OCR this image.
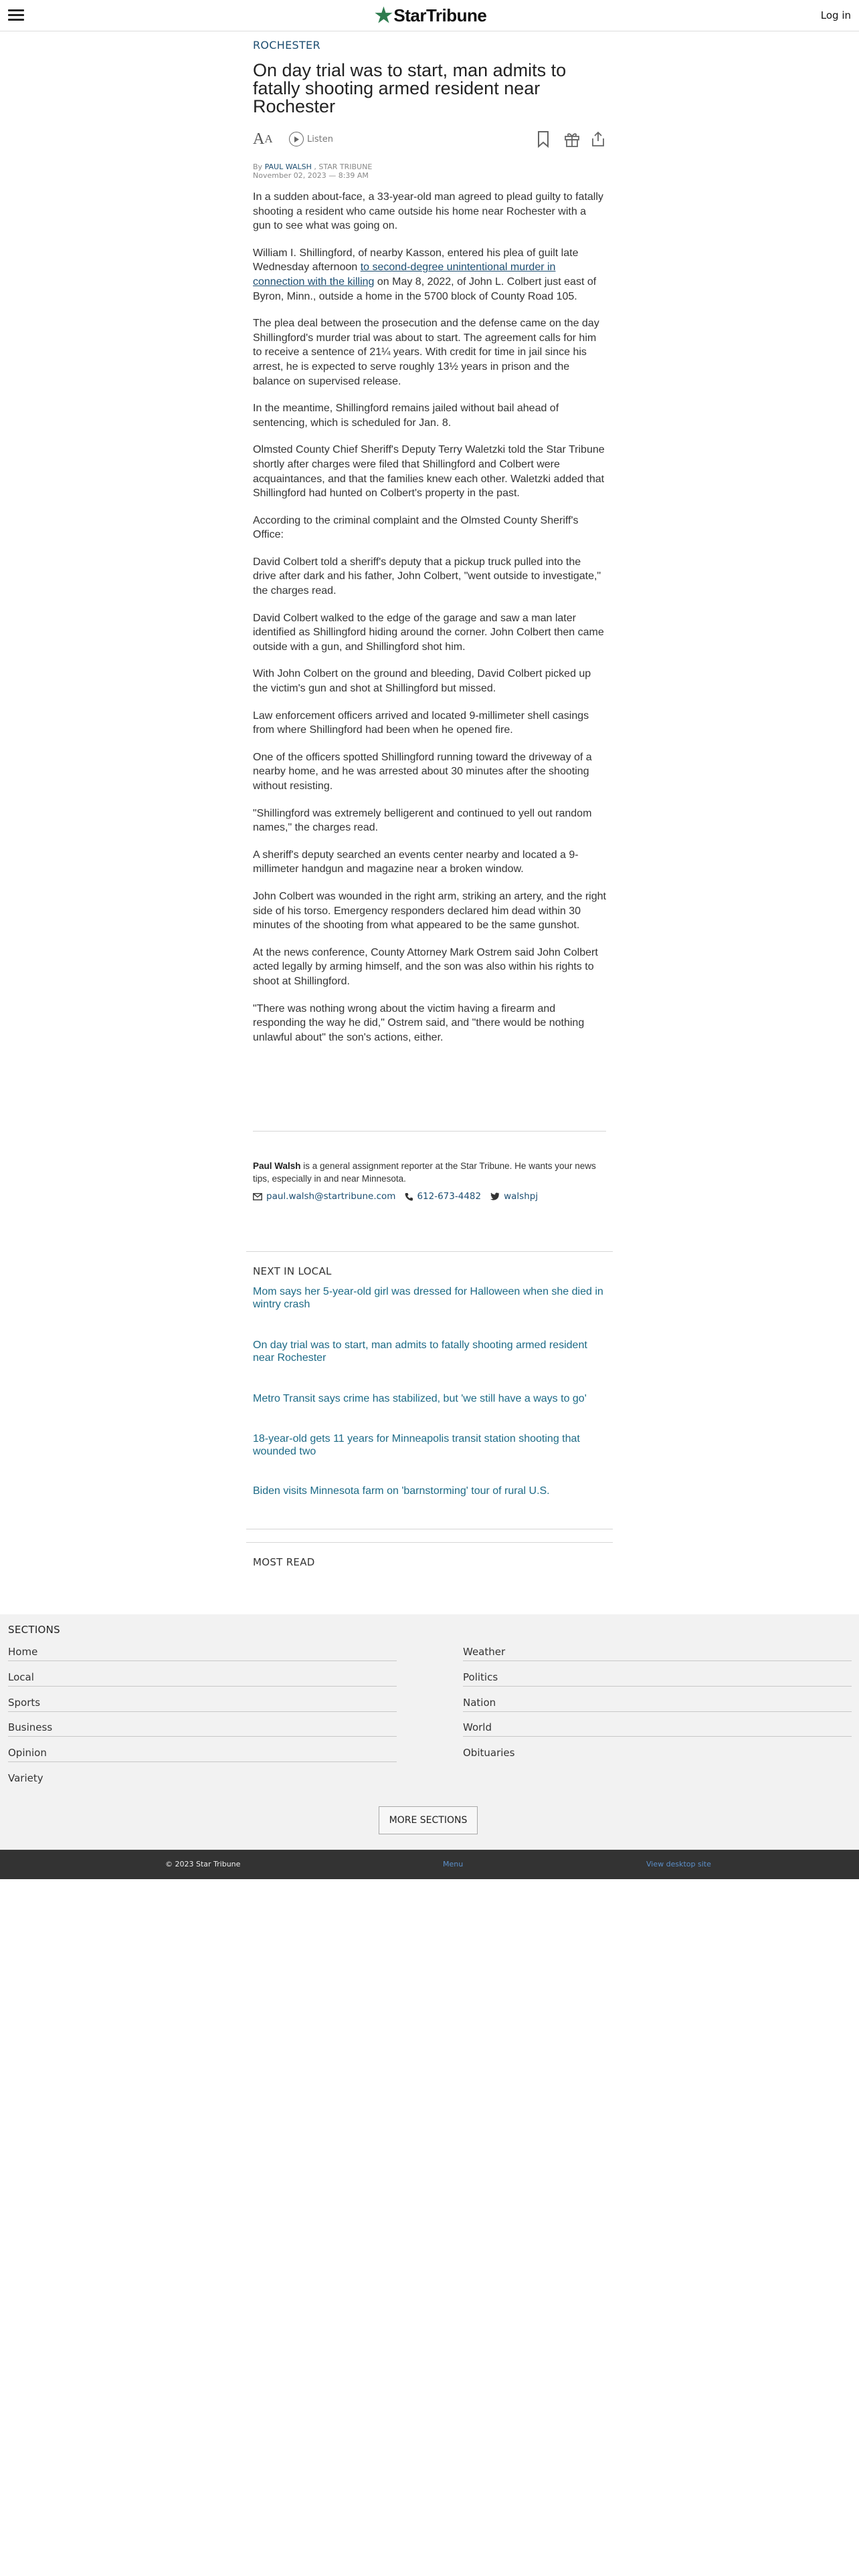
★ StarTribune	Log in
ROCHESTER
On day trial was to start, man admits to fatally shooting armed resident near Rochester
A A	Listen
By PAUL WALSH , STAR TRIBUNE
November 02, 2023 — 8:39 AM

In a sudden about-face, a 33-year-old man agreed to plead guilty to fatally shooting a resident who came outside his home near Rochester with a gun to see what was going on.

William I. Shillingford, of nearby Kasson, entered his plea of guilt late Wednesday afternoon to second-degree unintentional murder in connection with the killing on May 8, 2022, of John L. Colbert just east of Byron, Minn., outside a home in the 5700 block of County Road 105.

The plea deal between the prosecution and the defense came on the day Shillingford's murder trial was about to start. The agreement calls for him to receive a sentence of 21¼ years. With credit for time in jail since his arrest, he is expected to serve roughly 13½ years in prison and the balance on supervised release.

In the meantime, Shillingford remains jailed without bail ahead of sentencing, which is scheduled for Jan. 8.

Olmsted County Chief Sheriff's Deputy Terry Waletzki told the Star Tribune shortly after charges were filed that Shillingford and Colbert were acquaintances, and that the families knew each other. Waletzki added that Shillingford had hunted on Colbert's property in the past.

According to the criminal complaint and the Olmsted County Sheriff's Office:

David Colbert told a sheriff's deputy that a pickup truck pulled into the drive after dark and his father, John Colbert, "went outside to investigate," the charges read.

David Colbert walked to the edge of the garage and saw a man later identified as Shillingford hiding around the corner. John Colbert then came outside with a gun, and Shillingford shot him.

With John Colbert on the ground and bleeding, David Colbert picked up the victim's gun and shot at Shillingford but missed.

Law enforcement officers arrived and located 9-millimeter shell casings from where Shillingford had been when he opened fire.

One of the officers spotted Shillingford running toward the driveway of a nearby home, and he was arrested about 30 minutes after the shooting without resisting.

"Shillingford was extremely belligerent and continued to yell out random names," the charges read.

A sheriff's deputy searched an events center nearby and located a 9-millimeter handgun and magazine near a broken window.

John Colbert was wounded in the right arm, striking an artery, and the right side of his torso. Emergency responders declared him dead within 30 minutes of the shooting from what appeared to be the same gunshot.

At the news conference, County Attorney Mark Ostrem said John Colbert acted legally by arming himself, and the son was also within his rights to shoot at Shillingford.

"There was nothing wrong about the victim having a firearm and responding the way he did," Ostrem said, and "there would be nothing unlawful about" the son's actions, either.

Paul Walsh is a general assignment reporter at the Star Tribune. He wants your news tips, especially in and near Minnesota.
paul.walsh@startribune.com 612-673-4482	walshpj
NEXT IN LOCAL
Mom says her 5-year-old girl was dressed for Halloween when she died in wintry crash
On day trial was to start, man admits to fatally shooting armed resident near Rochester
Metro Transit says crime has stabilized, but 'we still have a ways to go'
18-year-old gets 11 years for Minneapolis transit station shooting that wounded two
Biden visits Minnesota farm on 'barnstorming' tour of rural U.S.
MOST READ
SECTIONS
Home
Local
Sports
Business
Opinion
Variety
Weather
Politics
Nation
World
Obituaries
MORE SECTIONS
© 2023 Star Tribune	Menu	View desktop site
